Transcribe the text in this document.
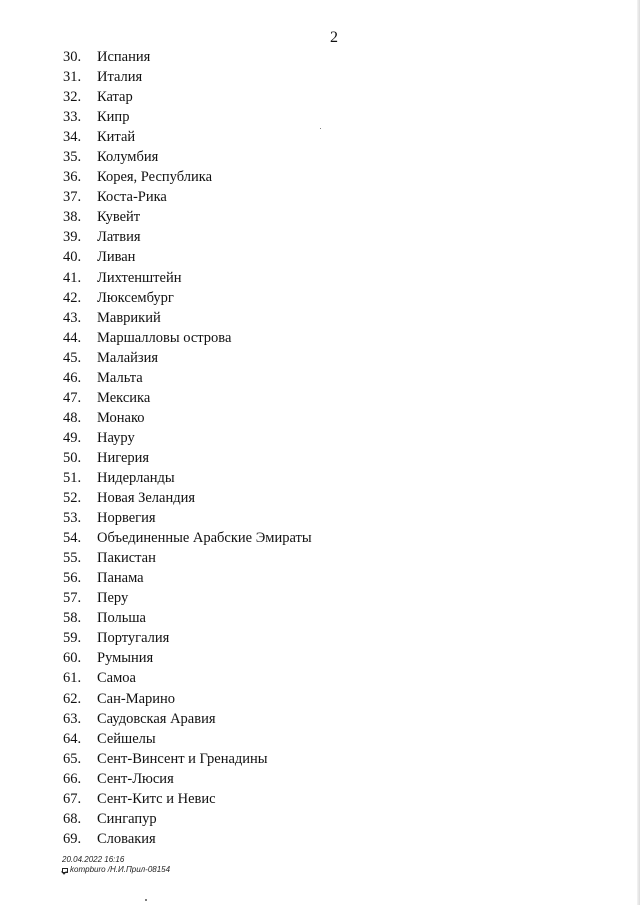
2
30. Испания
31. Италия
32. Катар
33. Кипр
34. Китай
35. Колумбия
36. Корея, Республика
37. Коста-Рика
38. Кувейт
39. Латвия
40. Ливан
41. Лихтенштейн
42. Люксембург
43. Маврикий
44. Маршалловы острова
45. Малайзия
46. Мальта
47. Мексика
48. Монако
49. Науру
50. Нигерия
51. Нидерланды
52. Новая Зеландия
53. Норвегия
54. Объединенные Арабские Эмираты
55. Пакистан
56. Панама
57. Перу
58. Польша
59. Португалия
60. Румыния
61. Самоа
62. Сан-Марино
63. Саудовская Аравия
64. Сейшелы
65. Сент-Винсент и Гренадины
66. Сент-Люсия
67. Сент-Китс и Невис
68. Сингапур
69. Словакия
20.04.2022 16:16
kompburo /Н.И.Прил-08154
